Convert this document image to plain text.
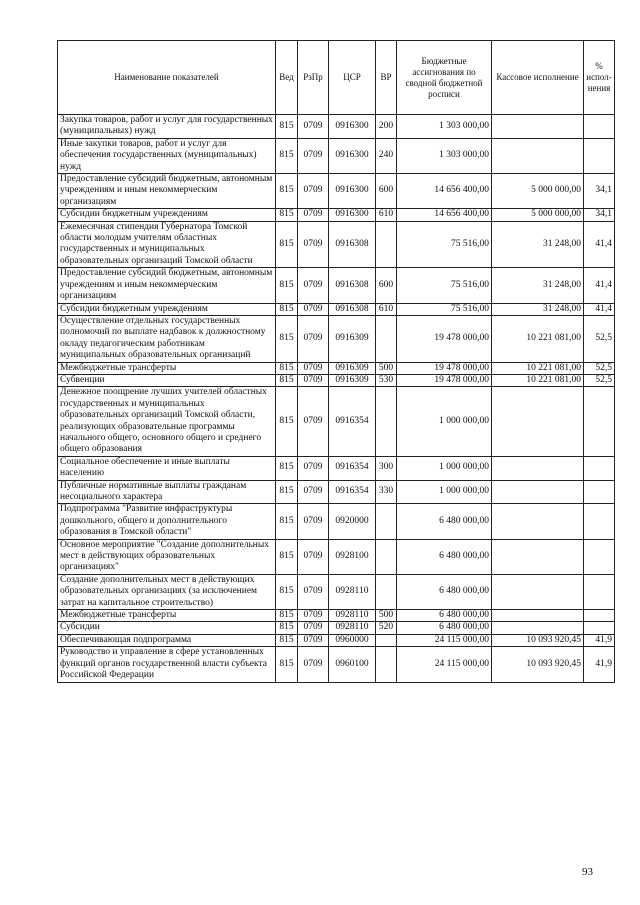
Наименование показателей	Вед	РзПр	ЦСР	ВР	Бюджетные ассигнования по сводной бюджетной росписи	Кассовое исполнение	% испол-нения
Закупка товаров, работ и услуг для государственных (муниципальных) нужд	815	0709	0916300	200	1 303 000,00		
Иные закупки товаров, работ и услуг для обеспечения государственных (муниципальных) нужд	815	0709	0916300	240	1 303 000,00		
Предоставление субсидий бюджетным, автономным учреждениям и иным некоммерческим организациям	815	0709	0916300	600	14 656 400,00	5 000 000,00	34,1
Субсидии бюджетным учреждениям	815	0709	0916300	610	14 656 400,00	5 000 000,00	34,1
Ежемесячная стипендия Губернатора Томской области молодым учителям областных государственных и муниципальных образовательных организаций Томской области	815	0709	0916308		75 516,00	31 248,00	41,4
Предоставление субсидий бюджетным, автономным учреждениям и иным некоммерческим организациям	815	0709	0916308	600	75 516,00	31 248,00	41,4
Субсидии бюджетным учреждениям	815	0709	0916308	610	75 516,00	31 248,00	41,4
Осуществление отдельных государственных полномочий по выплате надбавок к должностному окладу педагогическим работникам муниципальных образовательных организаций	815	0709	0916309		19 478 000,00	10 221 081,00	52,5
Межбюджетные трансферты	815	0709	0916309	500	19 478 000,00	10 221 081,00	52,5
Субвенции	815	0709	0916309	530	19 478 000,00	10 221 081,00	52,5
Денежное поощрение лучших учителей областных государственных и муниципальных образовательных организаций Томской области, реализующих образовательные программы начального общего, основного общего и среднего общего образования	815	0709	0916354		1 000 000,00		
Социальное обеспечение и иные выплаты населению	815	0709	0916354	300	1 000 000,00		
Публичные нормативные выплаты гражданам несоциального характера	815	0709	0916354	330	1 000 000,00		
Подпрограмма "Развитие инфраструктуры дошкольного, общего и дополнительного образования в Томской области"	815	0709	0920000		6 480 000,00		
Основное мероприятие "Создание дополнительных мест в действующих образовательных организациях"	815	0709	0928100		6 480 000,00		
Создание дополнительных мест в действующих образовательных организациях (за исключением затрат на капитальное строительство)	815	0709	0928110		6 480 000,00		
Межбюджетные трансферты	815	0709	0928110	500	6 480 000,00		
Субсидии	815	0709	0928110	520	6 480 000,00		
Обеспечивающая подпрограмма	815	0709	0960000		24 115 000,00	10 093 920,45	41,9
Руководство и управление в сфере установленных функций органов государственной власти субъекта Российской Федерации	815	0709	0960100		24 115 000,00	10 093 920,45	41,9
93
